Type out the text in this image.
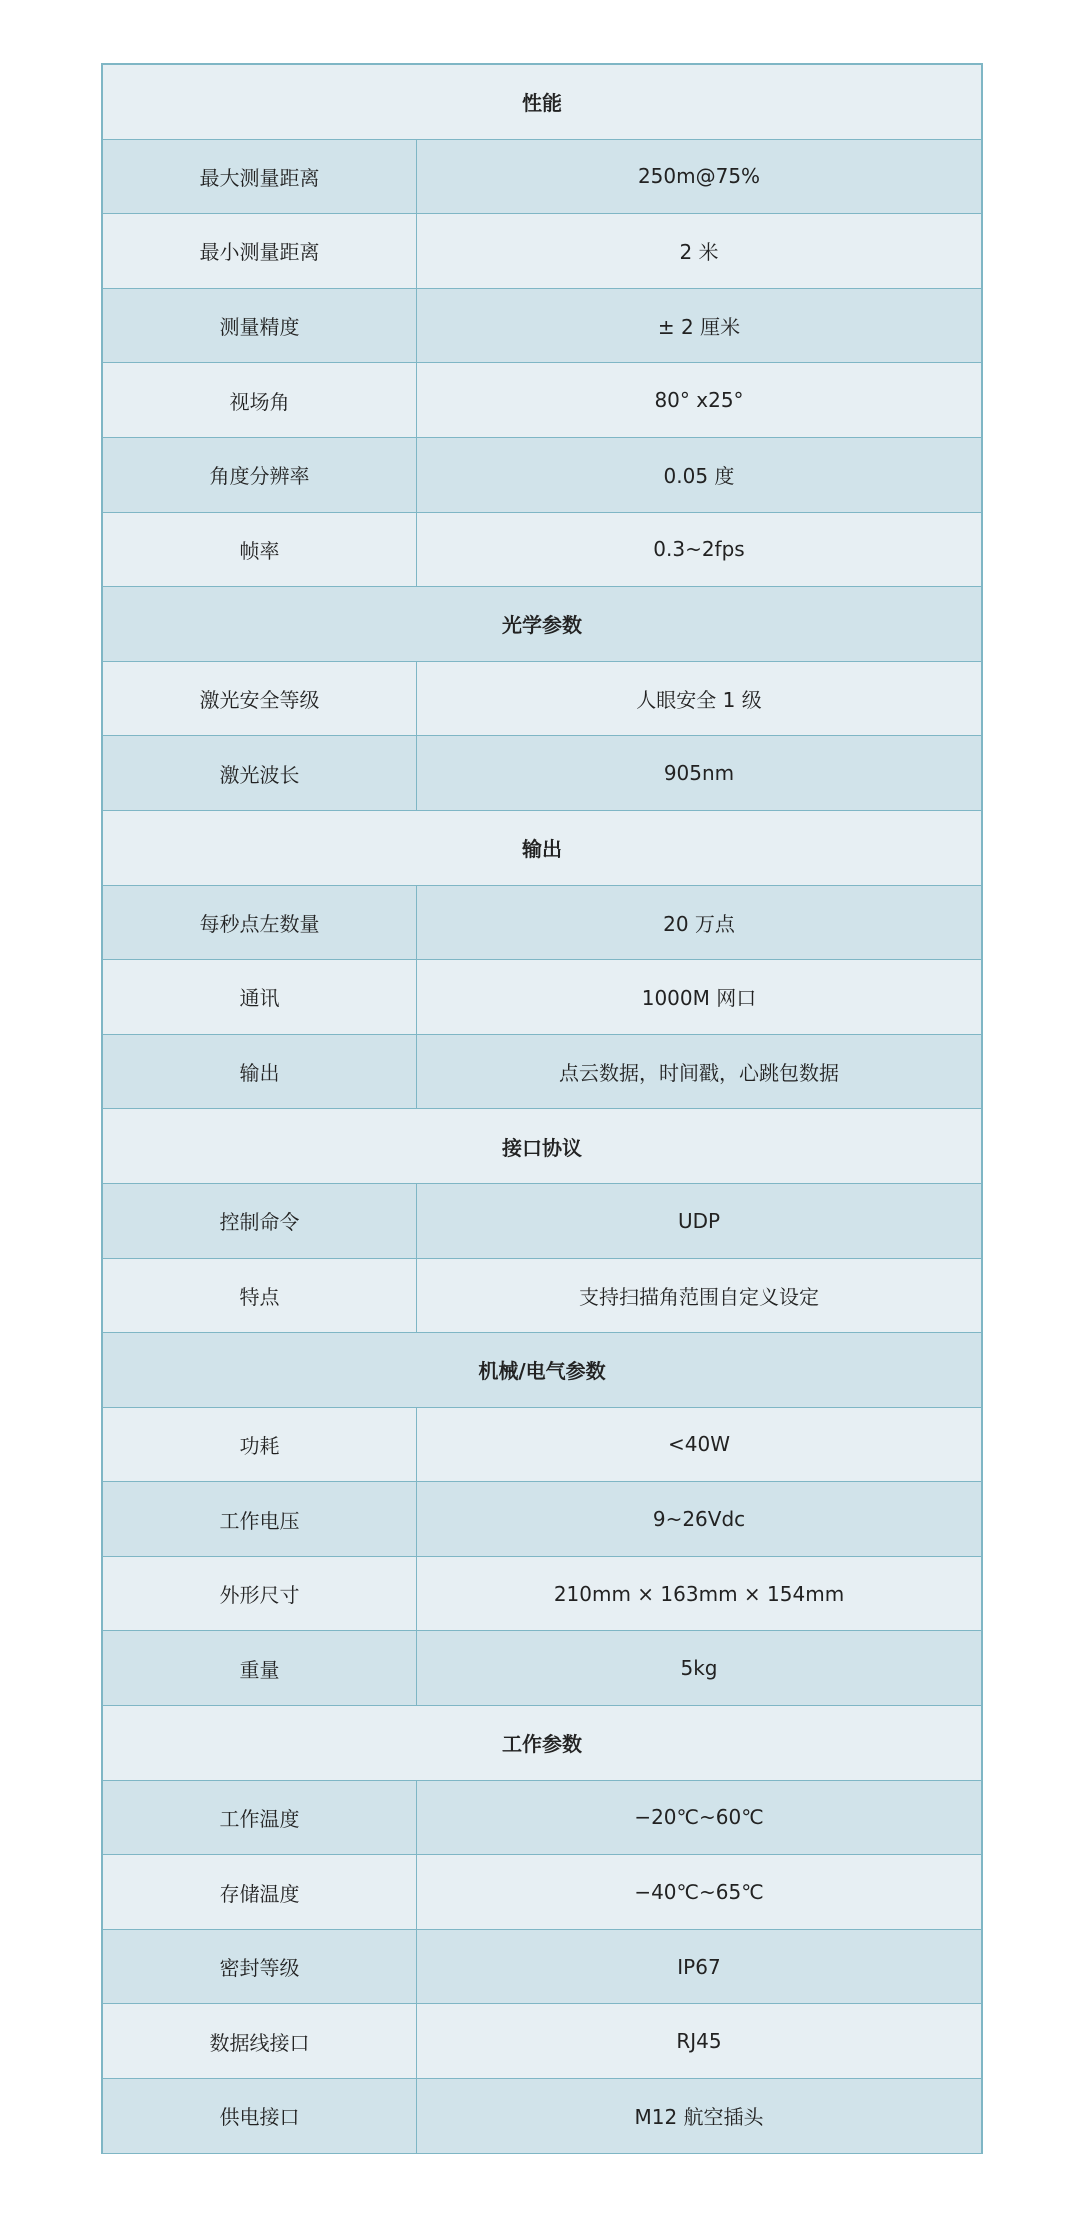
性能
最大测量距离	250m@75%
最小测量距离	2 米
测量精度	± 2 厘米
视场角	80° x25°
角度分辨率	0.05 度
帧率	0.3~2fps
光学参数
激光安全等级	人眼安全 1 级
激光波长	905nm
输出
每秒点左数量	20 万点
通讯	1000M 网口
输出	点云数据，时间戳，心跳包数据
接口协议
控制命令	UDP
特点	支持扫描角范围自定义设定
机械/电气参数
功耗	<40W
工作电压	9~26Vdc
外形尺寸	210mm × 163mm × 154mm
重量	5kg
工作参数
工作温度	−20℃~60℃
存储温度	−40℃~65℃
密封等级	IP67
数据线接口	RJ45
供电接口	M12 航空插头
